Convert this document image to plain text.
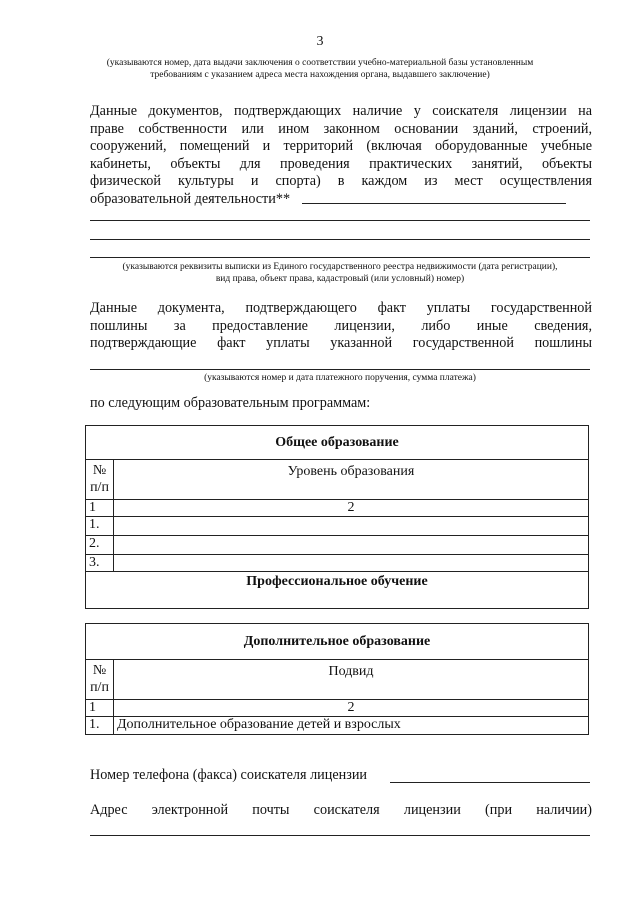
3
(указываются номер, дата выдачи заключения о соответствии учебно-материальной базы установленным
требованиям с указанием адреса места нахождения органа, выдавшего заключение)
Данные документов, подтверждающих наличие у соискателя лицензии на
праве собственности или ином законном основании зданий, строений,
сооружений, помещений и территорий (включая оборудованные учебные
кабинеты, объекты для проведения практических занятий, объекты
физической культуры и спорта) в каждом из мест осуществления
образовательной деятельности**
(указываются реквизиты выписки из Единого государственного реестра недвижимости (дата регистрации),
вид права, объект права, кадастровый (или условный) номер)
Данные документа, подтверждающего факт уплаты государственной
пошлины за предоставление лицензии, либо иные сведения,
подтверждающие факт уплаты указанной государственной пошлины
(указываются номер и дата платежного поручения, сумма платежа)
по следующим образовательным программам:
Общее образование	

№
п/п	Уровень образования
1	2
1.	
2.	
3.	
Профессиональное обучение	
Дополнительное образование	

№
п/п	Подвид
1	2
1.	Дополнительное образование детей и взрослых
Номер телефона (факса) соискателя лицензии
Адрес электронной почты соискателя лицензии (при наличии)
